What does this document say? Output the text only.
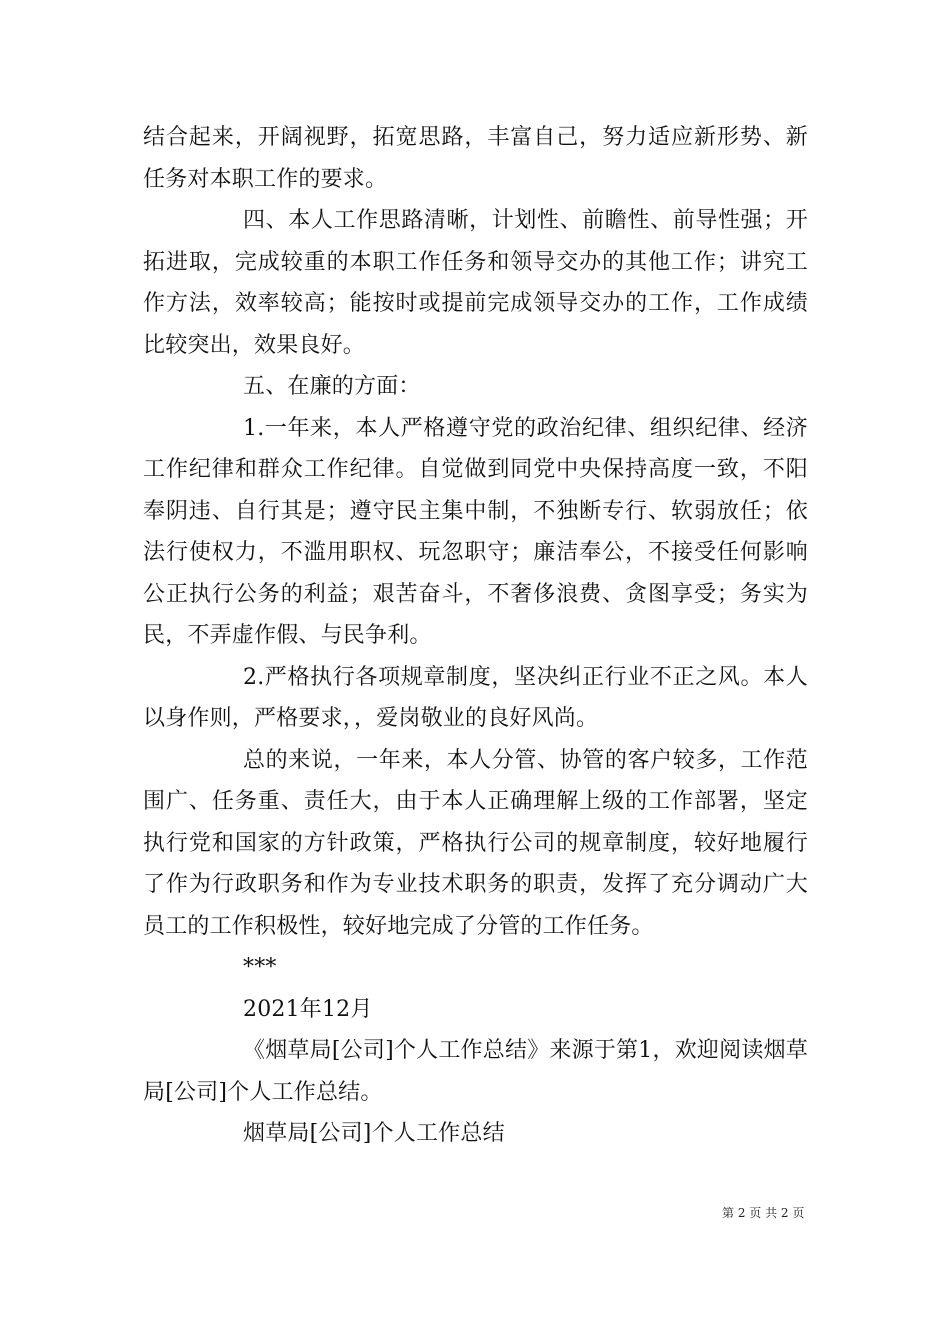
结合起来，开阔视野，拓宽思路，丰富自己，努力适应新形势、新任务对本职工作的要求。

四、本人工作思路清晰，计划性、前瞻性、前导性强；开拓进取，完成较重的本职工作任务和领导交办的其他工作；讲究工作方法，效率较高；能按时或提前完成领导交办的工作，工作成绩比较突出，效果良好。

五、在廉的方面：

1.一年来，本人严格遵守党的政治纪律、组织纪律、经济工作纪律和群众工作纪律。自觉做到同党中央保持高度一致，不阳奉阴违、自行其是；遵守民主集中制，不独断专行、软弱放任；依法行使权力，不滥用职权、玩忽职守；廉洁奉公，不接受任何影响公正执行公务的利益；艰苦奋斗，不奢侈浪费、贪图享受；务实为民，不弄虚作假、与民争利。

2.严格执行各项规章制度，坚决纠正行业不正之风。本人以身作则，严格要求，，爱岗敬业的良好风尚。

总的来说，一年来，本人分管、协管的客户较多，工作范围广、任务重、责任大，由于本人正确理解上级的工作部署，坚定执行党和国家的方针政策，严格执行公司的规章制度，较好地履行了作为行政职务和作为专业技术职务的职责，发挥了充分调动广大员工的工作积极性，较好地完成了分管的工作任务。

***

2021年12月

《烟草局[公司]个人工作总结》来源于第1，欢迎阅读烟草局[公司]个人工作总结。

烟草局[公司]个人工作总结

第 2 页 共 2 页
